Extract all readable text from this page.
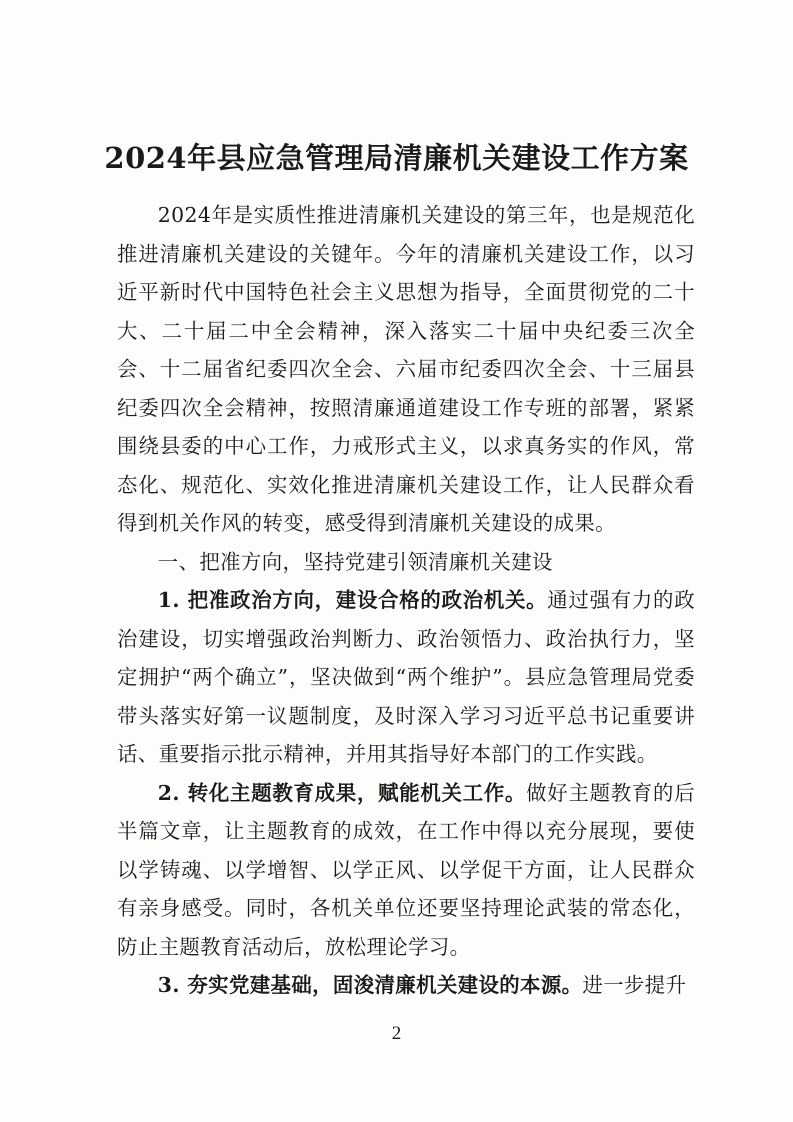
2024年县应急管理局清廉机关建设工作方案

2024年是实质性推进清廉机关建设的第三年，也是规范化推进清廉机关建设的关键年。今年的清廉机关建设工作，以习近平新时代中国特色社会主义思想为指导，全面贯彻党的二十大、二十届二中全会精神，深入落实二十届中央纪委三次全会、十二届省纪委四次全会、六届市纪委四次全会、十三届县纪委四次全会精神，按照清廉通道建设工作专班的部署，紧紧围绕县委的中心工作，力戒形式主义，以求真务实的作风，常态化、规范化、实效化推进清廉机关建设工作，让人民群众看得到机关作风的转变，感受得到清廉机关建设的成果。

一、把准方向，坚持党建引领清廉机关建设

1. 把准政治方向，建设合格的政治机关。通过强有力的政治建设，切实增强政治判断力、政治领悟力、政治执行力，坚定拥护“两个确立”，坚决做到“两个维护”。县应急管理局党委带头落实好第一议题制度，及时深入学习习近平总书记重要讲话、重要指示批示精神，并用其指导好本部门的工作实践。

2. 转化主题教育成果，赋能机关工作。做好主题教育的后半篇文章，让主题教育的成效，在工作中得以充分展现，要使以学铸魂、以学增智、以学正风、以学促干方面，让人民群众有亲身感受。同时，各机关单位还要坚持理论武装的常态化，防止主题教育活动后，放松理论学习。

3. 夯实党建基础，固浚清廉机关建设的本源。进一步提升

2
